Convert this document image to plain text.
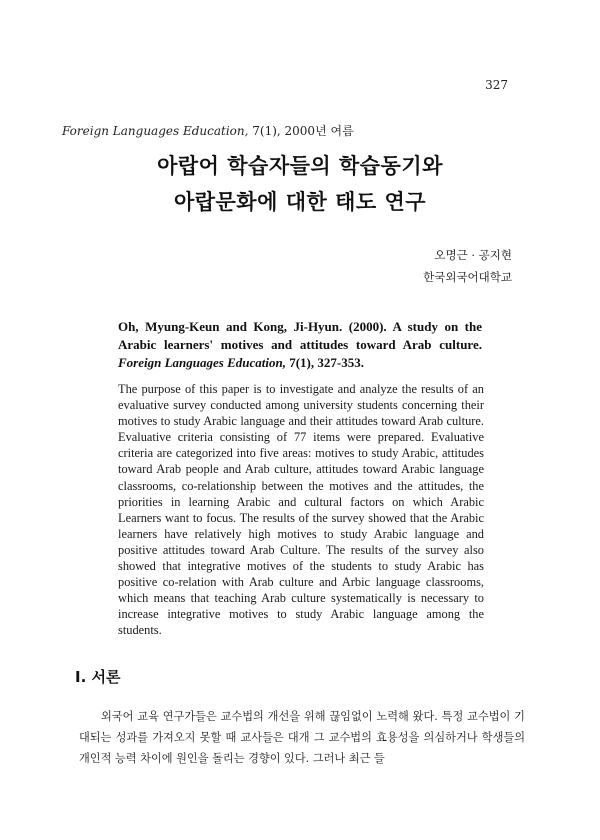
327
Foreign Languages Education, 7(1), 2000년 여름
아랍어 학습자들의 학습동기와
아랍문화에 대한 태도 연구
오명근 · 공지현
한국외국어대학교
Oh, Myung-Keun and Kong, Ji-Hyun. (2000). A study on the Arabic learners' motives and attitudes toward Arab culture. Foreign Languages Education, 7(1), 327-353.
The purpose of this paper is to investigate and analyze the results of an evaluative survey conducted among university students concerning their motives to study Arabic language and their attitudes toward Arab culture. Evaluative criteria consisting of 77 items were prepared. Evaluative criteria are categorized into five areas: motives to study Arabic, attitudes toward Arab people and Arab culture, attitudes toward Arabic language classrooms, co-relationship between the motives and the attitudes, the priorities in learning Arabic and cultural factors on which Arabic Learners want to focus. The results of the survey showed that the Arabic learners have relatively high motives to study Arabic language and positive attitudes toward Arab Culture. The results of the survey also showed that integrative motives of the students to study Arabic has positive co-relation with Arab culture and Arbic language classrooms, which means that teaching Arab culture systematically is necessary to increase integrative motives to study Arabic language among the students.
Ⅰ. 서론
외국어 교육 연구가들은 교수법의 개선을 위해 끊임없이 노력해 왔다. 특정 교수법이 기대되는 성과를 가져오지 못할 때 교사들은 대개 그 교수법의 효용성을 의심하거나 학생들의 개인적 능력 차이에 원인을 돌리는 경향이 있다. 그러나 최근 들
